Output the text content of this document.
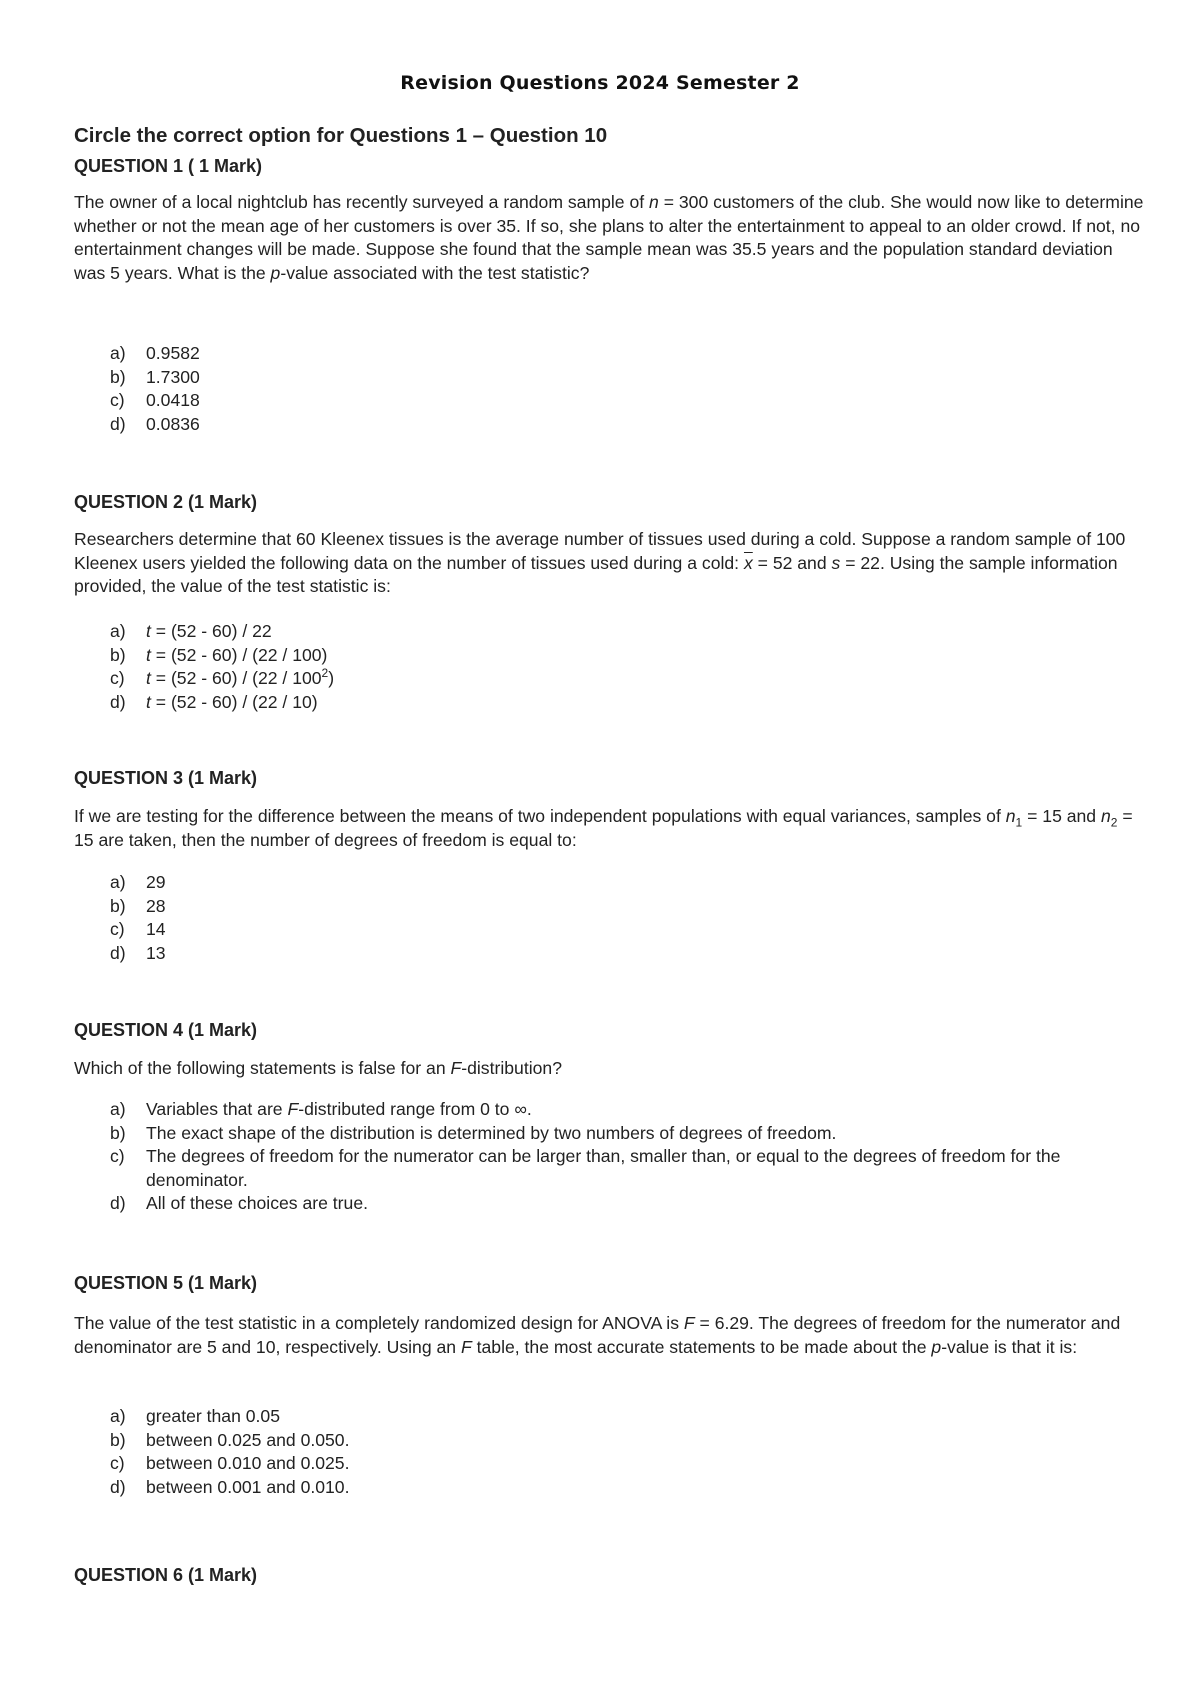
Revision Questions 2024 Semester 2
Circle the correct option for Questions 1 – Question 10
QUESTION 1 ( 1 Mark)
The owner of a local nightclub has recently surveyed a random sample of n = 300 customers of the club. She would now like to determine whether or not the mean age of her customers is over 35. If so, she plans to alter the entertainment to appeal to an older crowd. If not, no entertainment changes will be made. Suppose she found that the sample mean was 35.5 years and the population standard deviation was 5 years. What is the p-value associated with the test statistic?
a)	0.9582
b)	1.7300
c)	0.0418
d)	0.0836
QUESTION 2 (1 Mark)
Researchers determine that 60 Kleenex tissues is the average number of tissues used during a cold. Suppose a random sample of 100 Kleenex users yielded the following data on the number of tissues used during a cold: $\overline{x} = 52$ and s = 22. Using the sample information provided, the value of the test statistic is:
a)	t = (52 - 60) / 22
b)	t = (52 - 60) / (22 / 100)
c)	$t = (52 - 60) / (22 / 100^2)$
d)	t = (52 - 60) / (22 / 10)
QUESTION 3 (1 Mark)
If we are testing for the difference between the means of two independent populations with equal variances, samples of $n_1 = 15$ and $n_2 = 15$ are taken, then the number of degrees of freedom is equal to:
a)	29
b)	28
c)	14
d)	13
QUESTION 4 (1 Mark)
Which of the following statements is false for an F-distribution?
a)	Variables that are F-distributed range from 0 to ∞.
b)	The exact shape of the distribution is determined by two numbers of degrees of freedom.
c)	The degrees of freedom for the numerator can be larger than, smaller than, or equal to the degrees of freedom for the denominator.
d)	All of these choices are true.
QUESTION 5 (1 Mark)
The value of the test statistic in a completely randomized design for ANOVA is F = 6.29. The degrees of freedom for the numerator and denominator are 5 and 10, respectively. Using an F table, the most accurate statements to be made about the p-value is that it is:
a)	greater than 0.05
b)	between 0.025 and 0.050.
c)	between 0.010 and 0.025.
d)	between 0.001 and 0.010.
QUESTION 6 (1 Mark)
